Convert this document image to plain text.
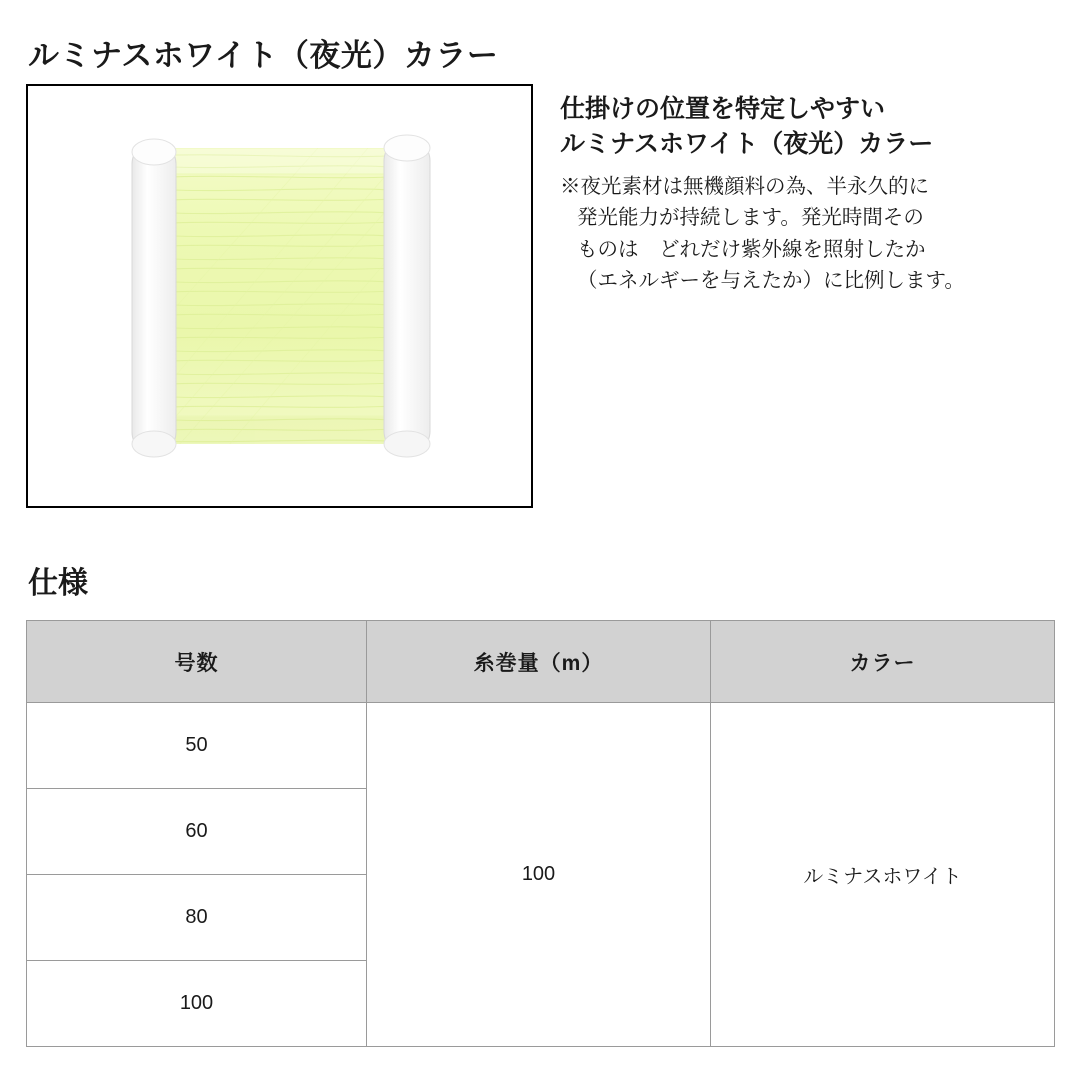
ルミナスホワイト（夜光）カラー
仕掛けの位置を特定しやすい
ルミナスホワイト（夜光）カラー
※夜光素材は無機顔料の為、半永久的に
発光能力が持続します。発光時間その
ものは　どれだけ紫外線を照射したか
（エネルギーを与えたか）に比例します。
仕様
号数	糸巻量（m）	カラー
50	100	ルミナスホワイト
60		
80		
100		
